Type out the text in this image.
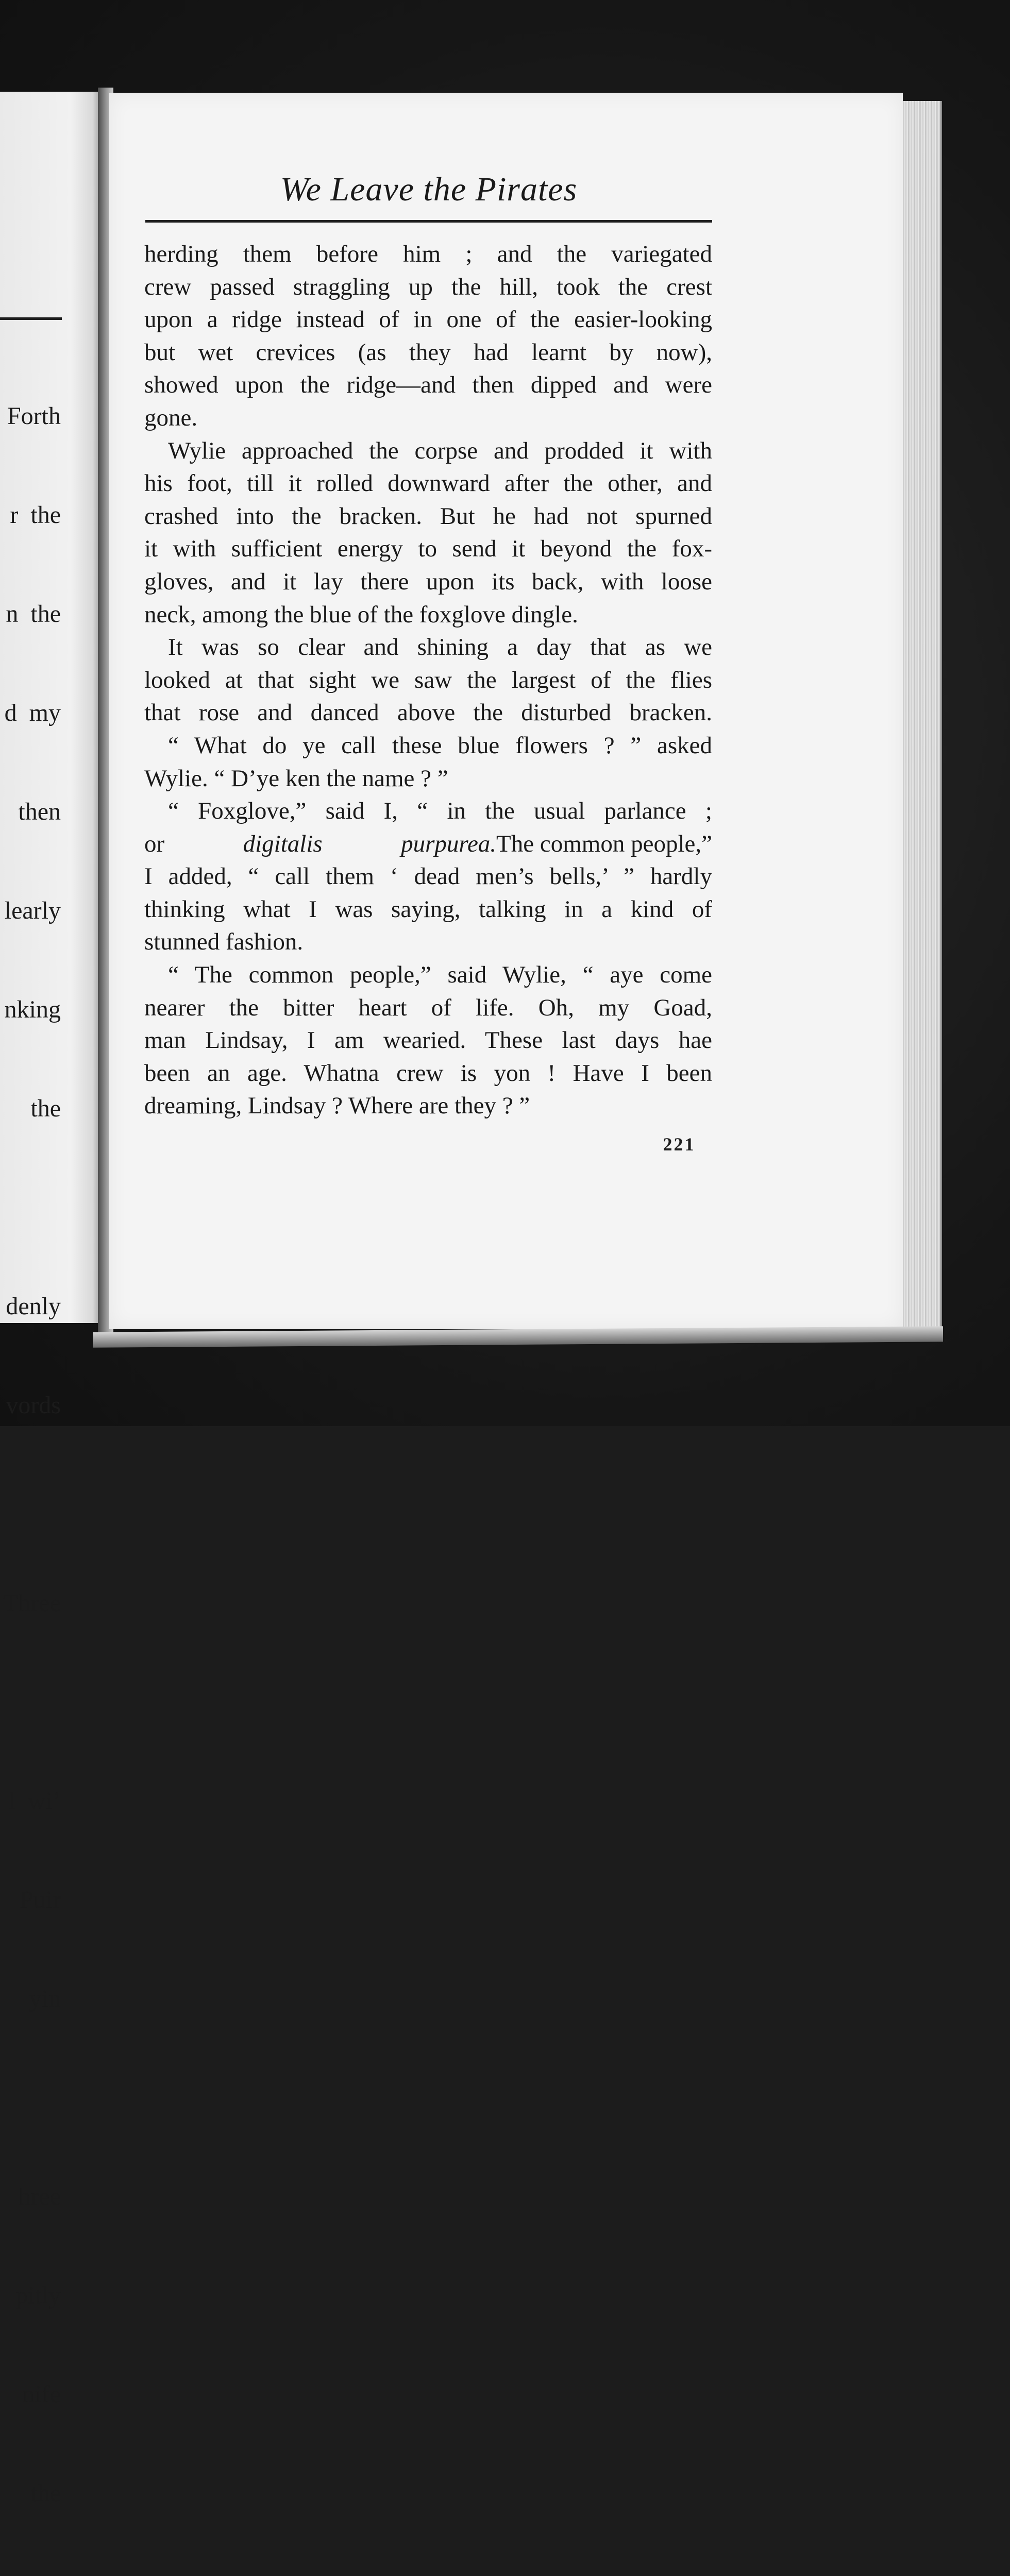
Forth

r  the

n  the

d  my

then

learly

nking

the

denly

vords

Three

l  wi’

Puir

yin

hree

pitly

nife

the

We Leave the Pirates
herding them before him ; and the variegated
crew passed straggling up the hill, took the crest
upon a ridge instead of in one of the easier-looking
but wet crevices (as they had learnt by now),
showed upon the ridge—and then dipped and were
gone.
Wylie approached the corpse and prodded it with
his foot, till it rolled downward after the other, and
crashed into the bracken. But he had not spurned
it with sufficient energy to send it beyond the fox-
gloves, and it lay there upon its back, with loose
neck, among the blue of the foxglove dingle.
It was so clear and shining a day that as we
looked at that sight we saw the largest of the flies
that rose and danced above the disturbed bracken.
“ What do ye call these blue flowers ? ” asked
Wylie. “ D’ye ken the name ? ”
“ Foxglove,” said I, “ in the usual parlance ;
or digitalis purpurea. The common people,”
I added, “ call them ‘ dead men’s bells,’ ” hardly
thinking what I was saying, talking in a kind of
stunned fashion.
“ The common people,” said Wylie, “ aye come
nearer the bitter heart of life. Oh, my Goad,
man Lindsay, I am wearied. These last days hae
been an age. Whatna crew is yon ! Have I been
dreaming, Lindsay ? Where are they ? ”
221
